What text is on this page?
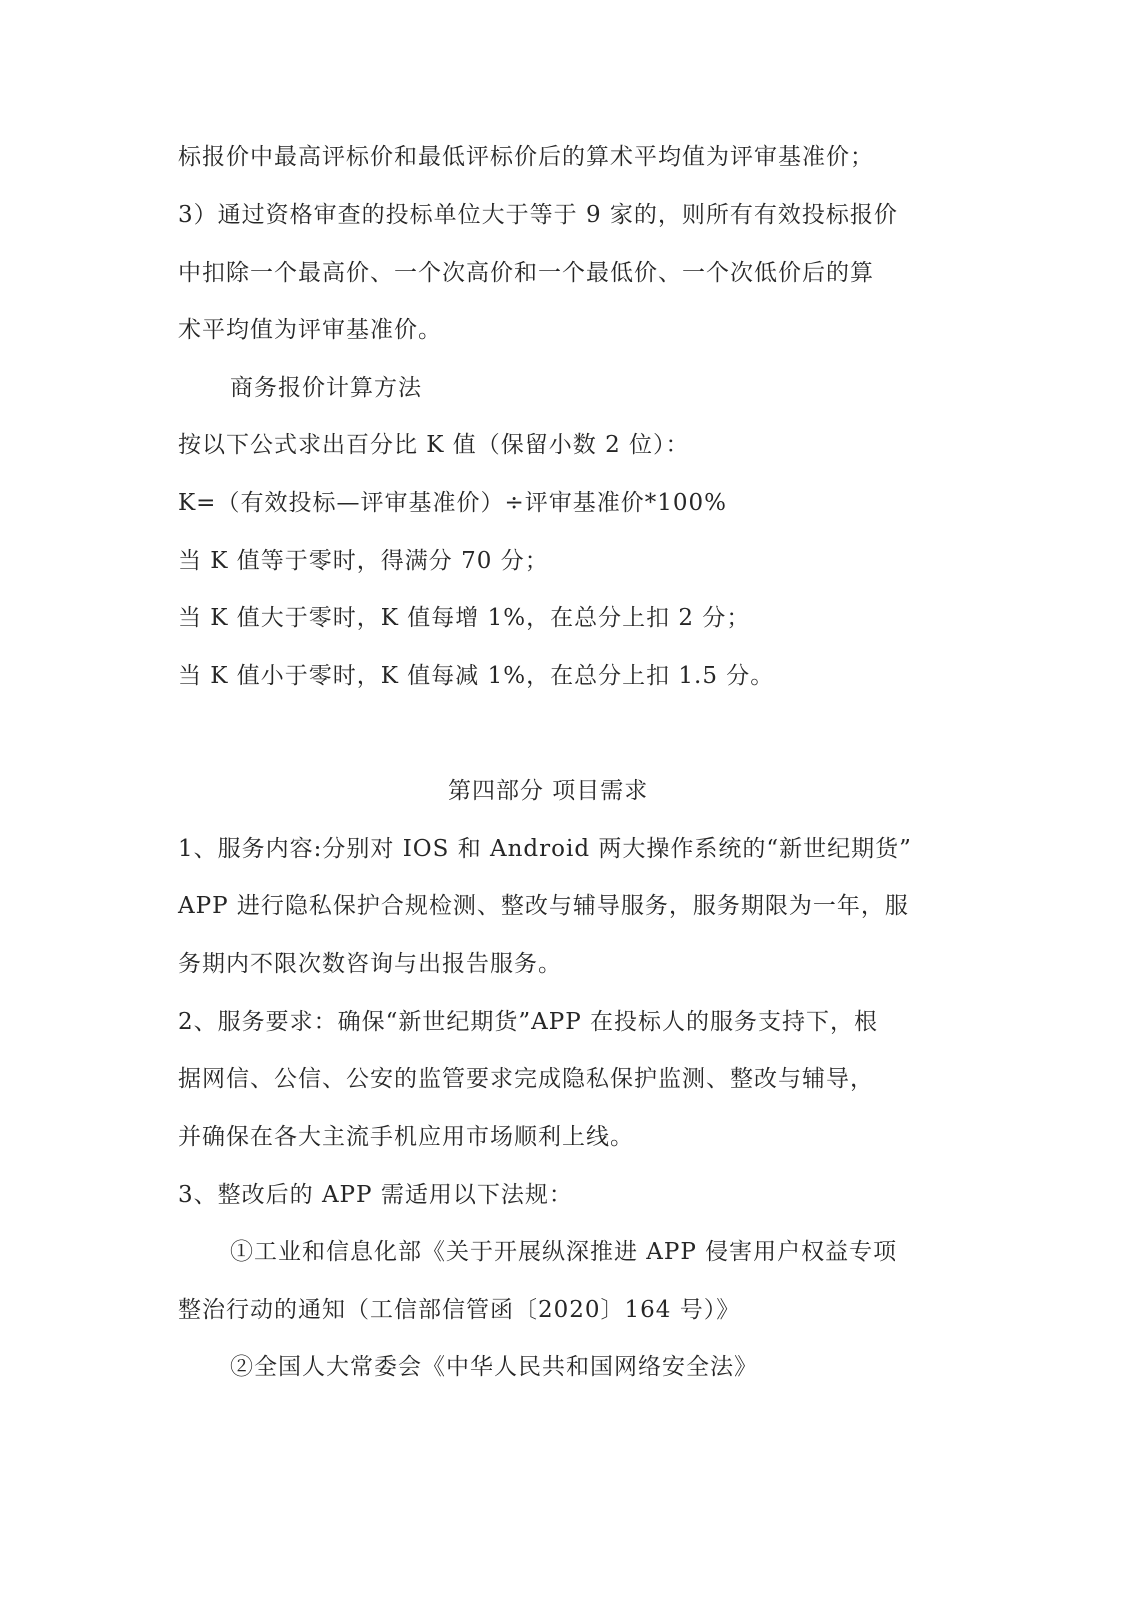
标报价中最高评标价和最低评标价后的算术平均值为评审基准价；
3）通过资格审查的投标单位大于等于 9 家的，则所有有效投标报价
中扣除一个最高价、一个次高价和一个最低价、一个次低价后的算
术平均值为评审基准价。
商务报价计算方法
按以下公式求出百分比 K 值（保留小数 2 位）：
K=（有效投标—评审基准价）÷评审基准价*100%
当 K 值等于零时，得满分 70 分；
当 K 值大于零时，K 值每增 1%，在总分上扣 2 分；
当 K 值小于零时，K 值每减 1%，在总分上扣 1.5 分。
第四部分 项目需求
1、服务内容:分别对 IOS 和 Android 两大操作系统的“新世纪期货”
APP 进行隐私保护合规检测、整改与辅导服务，服务期限为一年，服
务期内不限次数咨询与出报告服务。
2、服务要求：确保“新世纪期货”APP 在投标人的服务支持下，根
据网信、公信、公安的监管要求完成隐私保护监测、整改与辅导，
并确保在各大主流手机应用市场顺利上线。
3、整改后的 APP 需适用以下法规：
①工业和信息化部《关于开展纵深推进 APP 侵害用户权益专项
整治行动的通知（工信部信管函〔2020〕164 号）》
②全国人大常委会《中华人民共和国网络安全法》
